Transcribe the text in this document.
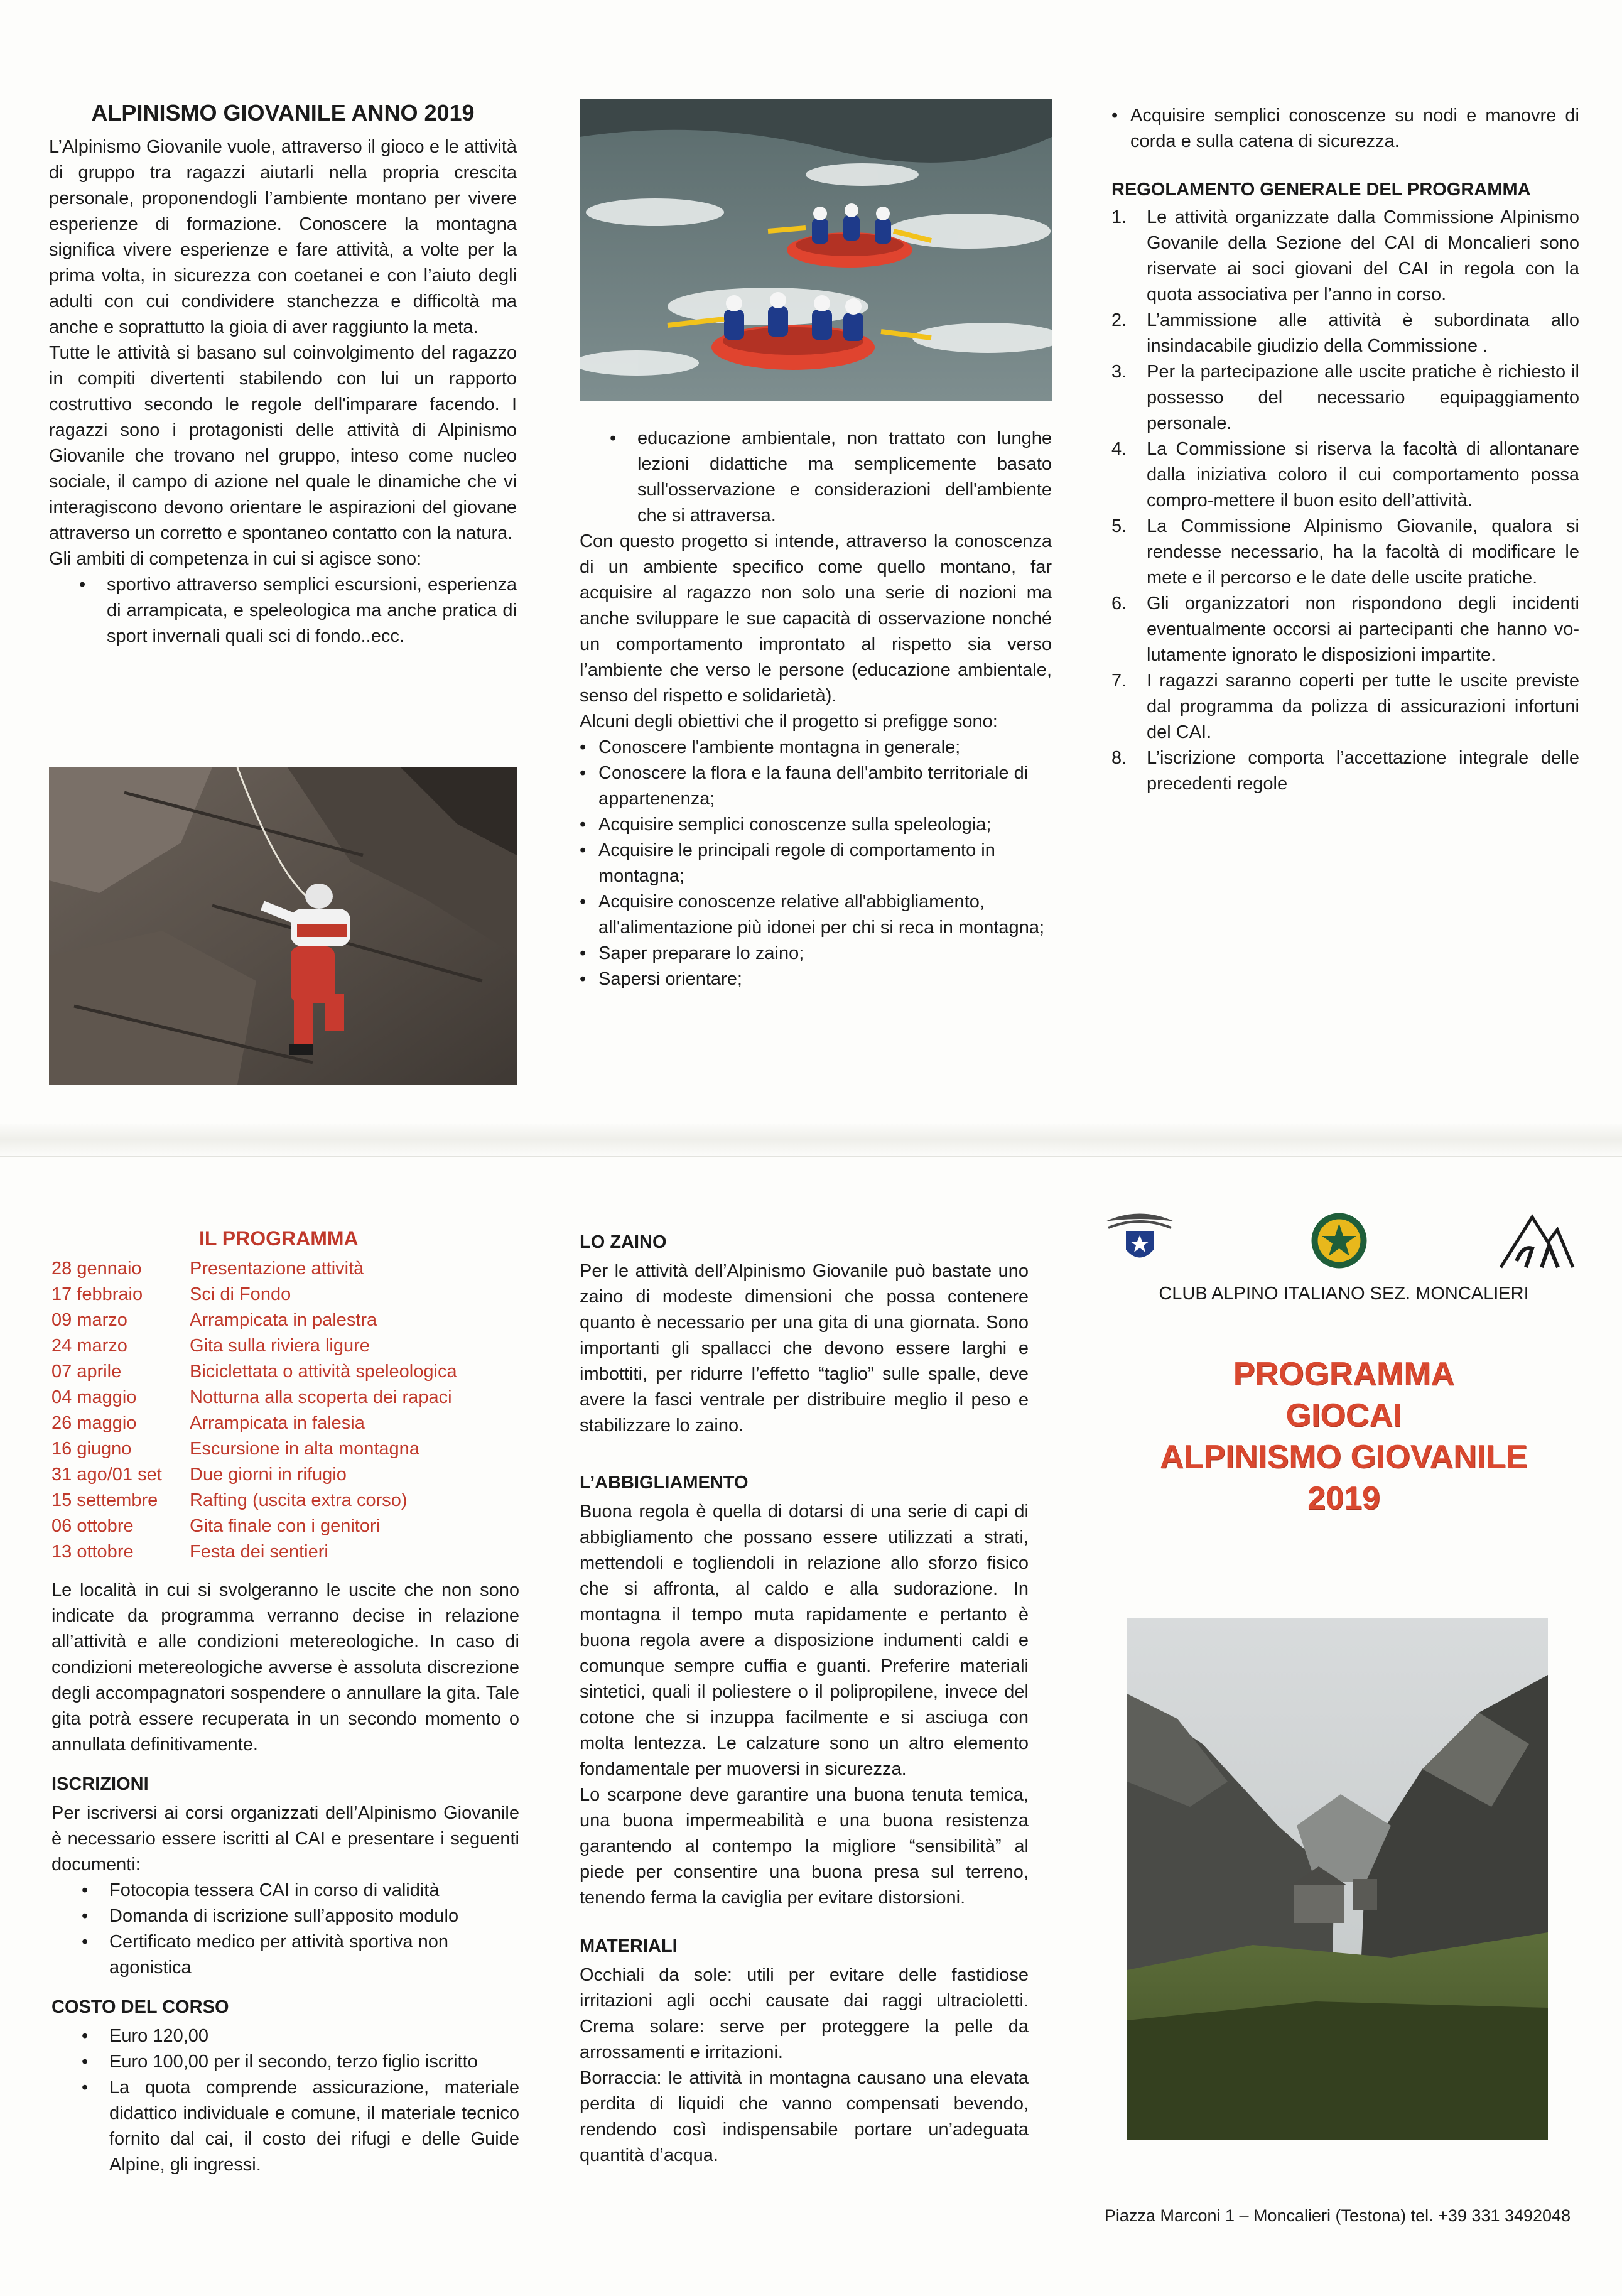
ALPINISMO GIOVANILE ANNO 2019

L’Alpinismo Giovanile vuole, attraverso il gioco e le attività di gruppo tra ragazzi aiutarli nella propria crescita personale, proponendogli l’ambiente montano per vivere esperienze di formazione. Conoscere la montagna significa vivere esperienze e fare attività, a volte per la prima volta, in sicurezza con coetanei e con l’aiuto degli adulti con cui condividere stanchezza e difficoltà ma anche e soprattutto la gioia di aver raggiunto la meta.

Tutte le attività si basano sul coinvolgimento del ragazzo in compiti divertenti stabilendo con lui un rapporto costruttivo secondo le regole dell'imparare facendo. I ragazzi sono i protagonisti delle attività di Alpinismo Giovanile che trovano nel gruppo, inteso come nucleo sociale, il campo di azione nel quale le dinamiche che vi interagiscono devono orientare le aspirazioni del giovane attraverso un corretto e spontaneo contatto con la natura.

Gli ambiti di competenza in cui si agisce sono:

• sportivo attraverso semplici escursioni, esperienza di arrampicata, e speleologica ma anche pratica di sport invernali quali sci di fondo..ecc.
• educazione ambientale, non trattato con lunghe lezioni didattiche ma semplicemente basato sull'osservazione e considerazioni dell'ambiente che si attraversa.

Con questo progetto si intende, attraverso la conoscenza di un ambiente specifico come quello montano, far acquisire al ragazzo non solo una serie di nozioni ma anche sviluppare le sue capacità di osservazione nonché un comportamento improntato al rispetto sia verso l’ambiente che verso le persone (educazione ambientale, senso del rispetto e solidarietà).

Alcuni degli obiettivi che il progetto si prefigge sono:

• Conoscere l'ambiente montagna in generale;
• Conoscere la flora e la fauna dell'ambito territoriale di appartenenza;
• Acquisire semplici conoscenze sulla speleologia;
• Acquisire le principali regole di comportamento in montagna;
• Acquisire conoscenze relative all'abbigliamento, all'alimentazione più idonei per chi si reca in montagna;
• Saper preparare lo zaino;
• Sapersi orientare;
• Acquisire semplici conoscenze su nodi e manovre di corda e sulla catena di sicurezza.
REGOLAMENTO GENERALE DEL PROGRAMMA
1. Le attività organizzate dalla Commissione Alpinismo Govanile della Sezione del CAI di Moncalieri sono riservate ai soci giovani del CAI in regola con la quota associativa per l’anno in corso.
2. L’ammissione alle attività è subordinata allo insindacabile giudizio della Commissione .
3. Per la partecipazione alle uscite pratiche è richiesto il possesso del necessario equipaggiamento personale.
4. La Commissione si riserva la facoltà di allontanare dalla iniziativa coloro il cui comportamento possa compro-mettere il buon esito dell’attività.
5. La Commissione Alpinismo Giovanile, qualora si rendesse necessario, ha la facoltà di modificare le mete e il percorso e le date delle uscite pratiche.
6. Gli organizzatori non rispondono degli incidenti eventualmente occorsi ai partecipanti che hanno vo-lutamente ignorato le disposizioni impartite.
7. I ragazzi saranno coperti per tutte le uscite previste dal programma da polizza di assicurazioni infortuni del CAI.
8. L’iscrizione comporta l’accettazione integrale delle precedenti regole
IL PROGRAMMA
28 gennaio	Presentazione attività
17 febbraio	Sci di Fondo
09 marzo	Arrampicata in palestra
24 marzo	Gita sulla riviera ligure
07 aprile	Biciclettata o attività speleologica
04 maggio	Notturna alla scoperta dei rapaci
26 maggio	Arrampicata in falesia
16 giugno	Escursione in alta montagna
31 ago/01 set	Due giorni in rifugio
15 settembre	Rafting (uscita extra corso)
06 ottobre	Gita finale con i genitori
13 ottobre	Festa dei sentieri

Le località in cui si svolgeranno le uscite che non sono indicate da programma verranno decise in relazione all’attività e alle condizioni metereologiche. In caso di condizioni metereologiche avverse è assoluta discrezione degli accompagnatori sospendere o annullare la gita. Tale gita potrà essere recuperata in un secondo momento o annullata definitivamente.

ISCRIZIONI

Per iscriversi ai corsi organizzati dell’Alpinismo Giovanile è necessario essere iscritti al CAI e presentare i seguenti documenti:

• Fotocopia tessera CAI in corso di validità
• Domanda di iscrizione sull’apposito modulo
• Certificato medico per attività sportiva non agonistica
COSTO DEL CORSO
• Euro 120,00
• Euro 100,00 per il secondo, terzo figlio iscritto
• La quota comprende assicurazione, materiale didattico individuale e comune, il materiale tecnico fornito dal cai, il costo dei rifugi e delle Guide Alpine, gli ingressi.
LO ZAINO

Per le attività dell’Alpinismo Giovanile può bastate uno zaino di modeste dimensioni che possa contenere quanto è necessario per una gita di una giornata. Sono importanti gli spallacci che devono essere larghi e imbottiti, per ridurre l’effetto “taglio” sulle spalle, deve avere la fasci ventrale per distribuire meglio il peso e stabilizzare lo zaino.

L’ABBIGLIAMENTO

Buona regola è quella di dotarsi di una serie di capi di abbigliamento che possano essere utilizzati a strati, mettendoli e togliendoli in relazione allo sforzo fisico che si affronta, al caldo e alla sudorazione. In montagna il tempo muta rapidamente e pertanto è buona regola avere a disposizione indumenti caldi e comunque sempre cuffia e guanti. Preferire materiali sintetici, quali il poliestere o il polipropilene, invece del cotone che si inzuppa facilmente e si asciuga con molta lentezza. Le calzature sono un altro elemento fondamentale per muoversi in sicurezza.

Lo scarpone deve garantire una buona tenuta temica, una buona impermeabilità e una buona resistenza garantendo al contempo la migliore “sensibilità” al piede per consentire una buona presa sul terreno, tenendo ferma la caviglia per evitare distorsioni.

MATERIALI

Occhiali da sole: utili per evitare delle fastidiose irritazioni agli occhi causate dai raggi ultracioletti. Crema solare: serve per proteggere la pelle da arrossamenti e irritazioni.

Borraccia: le attività in montagna causano una elevata perdita di liquidi che vanno compensati bevendo, rendendo così indispensabile portare un’adeguata quantità d’acqua.

CLUB ALPINO ITALIANO SEZ. MONCALIERI
PROGRAMMA
GIOCAI
ALPINISMO GIOVANILE
2019
Piazza Marconi 1 – Moncalieri (Testona) tel. +39 331 3492048
